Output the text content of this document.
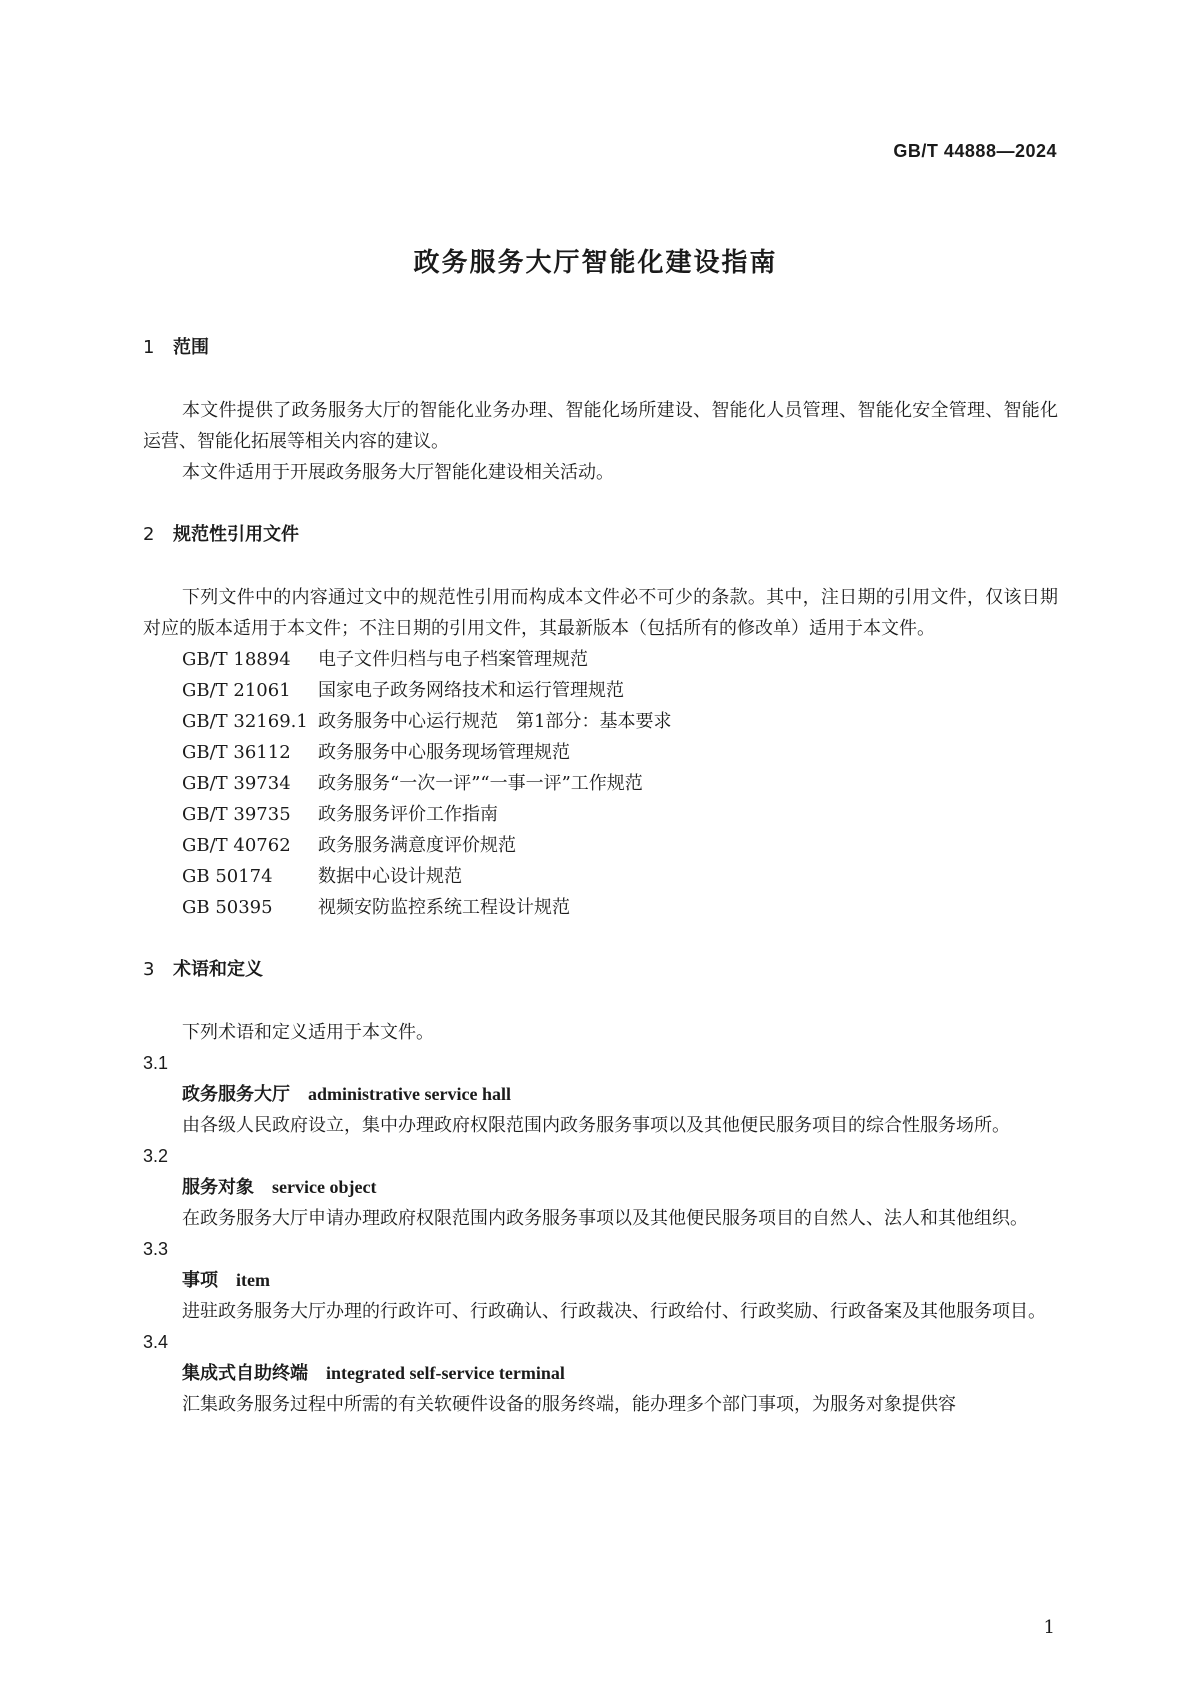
GB/T 44888—2024
政务服务大厅智能化建设指南
1 范围

本文件提供了政务服务大厅的智能化业务办理、智能化场所建设、智能化人员管理、智能化安全管理、智能化运营、智能化拓展等相关内容的建议。

本文件适用于开展政务服务大厅智能化建设相关活动。

2 规范性引用文件

下列文件中的内容通过文中的规范性引用而构成本文件必不可少的条款。其中，注日期的引用文件，仅该日期对应的版本适用于本文件；不注日期的引用文件，其最新版本（包括所有的修改单）适用于本文件。

GB/T 18894 电子文件归档与电子档案管理规范
GB/T 21061 国家电子政务网络技术和运行管理规范
GB/T 32169.1 政务服务中心运行规范　第1部分：基本要求
GB/T 36112 政务服务中心服务现场管理规范
GB/T 39734 政务服务“一次一评”“一事一评”工作规范
GB/T 39735 政务服务评价工作指南
GB/T 40762 政务服务满意度评价规范
GB 50174	数据中心设计规范
GB 50395	视频安防监控系统工程设计规范
3 术语和定义

下列术语和定义适用于本文件。

3.1
政务服务大厅 administrative service hall

由各级人民政府设立，集中办理政府权限范围内政务服务事项以及其他便民服务项目的综合性服务场所。

3.2
服务对象 service object

在政务服务大厅申请办理政府权限范围内政务服务事项以及其他便民服务项目的自然人、法人和其他组织。

3.3
事项 item

进驻政务服务大厅办理的行政许可、行政确认、行政裁决、行政给付、行政奖励、行政备案及其他服务项目。

3.4
集成式自助终端 integrated self-service terminal

汇集政务服务过程中所需的有关软硬件设备的服务终端，能办理多个部门事项，为服务对象提供容

1
